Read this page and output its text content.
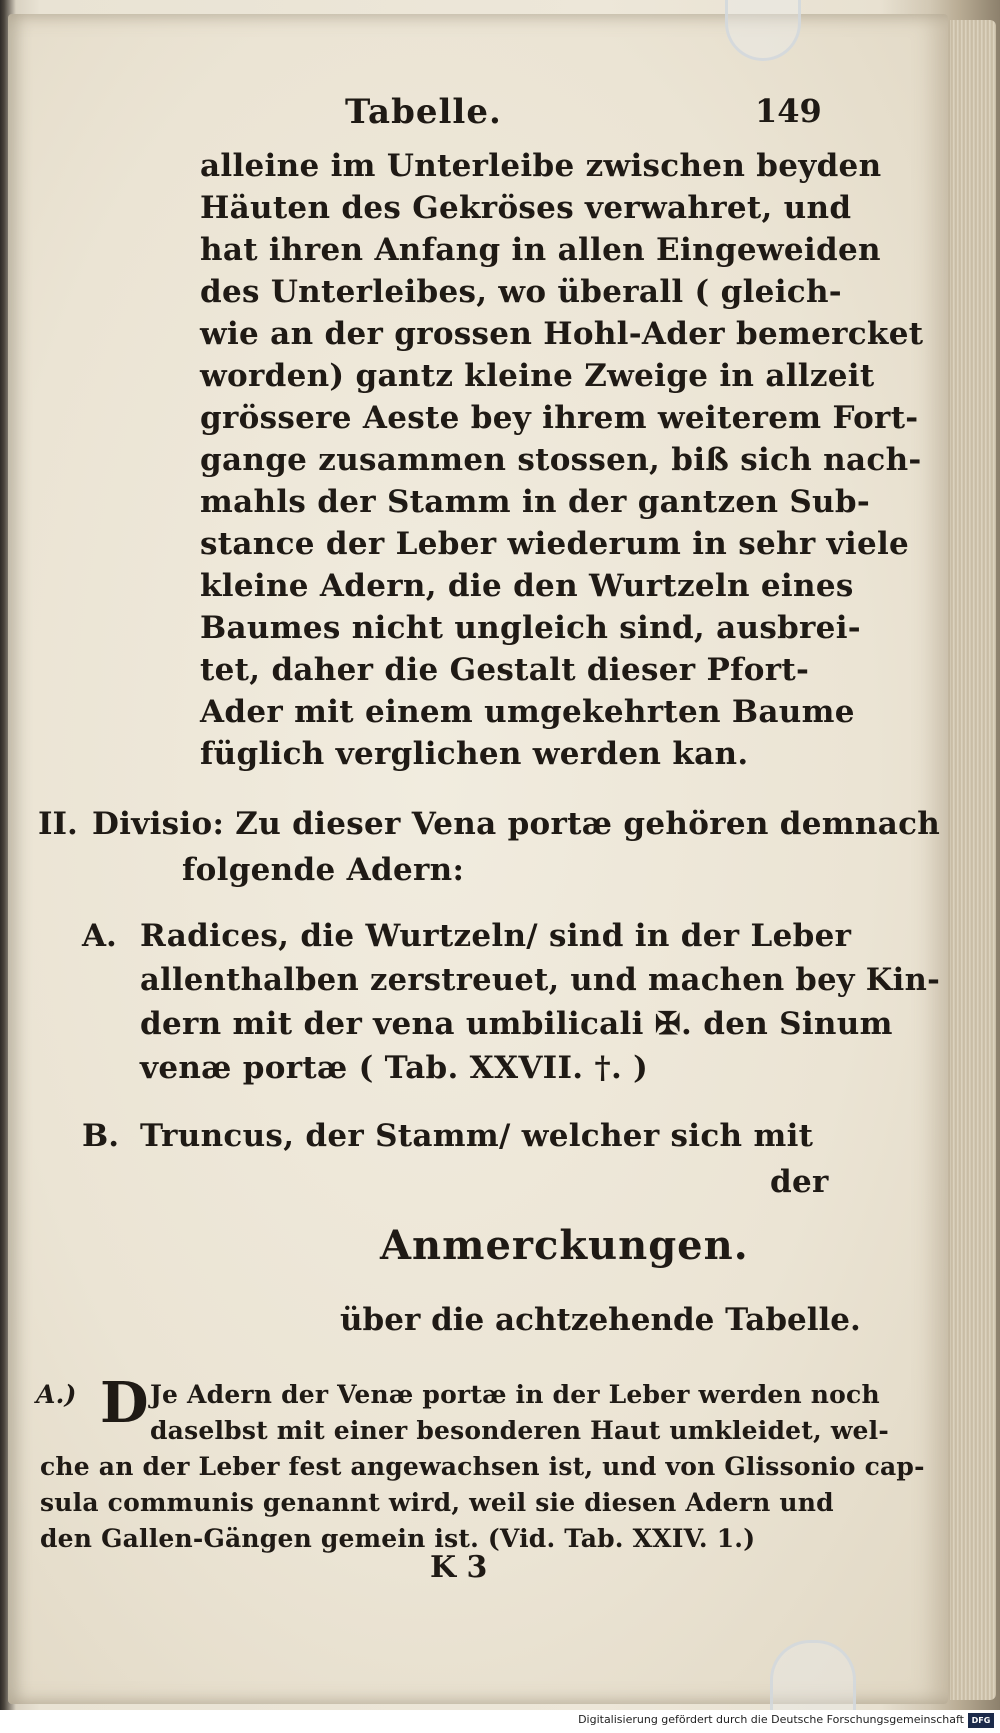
Tabelle.	149
alleine im Unterleibe zwischen beyden
Häuten des Gekröses verwahret, und
hat ihren Anfang in allen Eingeweiden
des Unterleibes, wo überall ( gleich-
wie an der grossen Hohl-Ader bemercket
worden) gantz kleine Zweige in allzeit
grössere Aeste bey ihrem weiterem Fort-
gange zusammen stossen, biß sich nach-
mahls der Stamm in der gantzen Sub-
stance der Leber wiederum in sehr viele
kleine Adern, die den Wurtzeln eines
Baumes nicht ungleich sind, ausbrei-
tet, daher die Gestalt dieser Pfort-
Ader mit einem umgekehrten Baume
füglich verglichen werden kan.
II. Divisio: Zu dieser Vena portæ gehören demnach
folgende Adern:
A. Radices, die Wurtzeln/ sind in der Leber
allenthalben zerstreuet, und machen bey Kin-
dern mit der vena umbilicali ✠. den Sinum
venæ portæ ( Tab. XXVII. †. )
B. Truncus, der Stamm/ welcher sich mit
der
Anmerckungen.
über die achtzehende Tabelle.
A.) D Je Adern der Venæ portæ in der Leber werden noch
daselbst mit einer besonderen Haut umkleidet, wel-
che an der Leber fest angewachsen ist, und von Glissonio cap-
sula communis genannt wird, weil sie diesen Adern und
den Gallen-Gängen gemein ist. (Vid. Tab. XXIV. 1.)
K 3
Digitalisierung gefördert durch die Deutsche Forschungsgemeinschaft DFG
